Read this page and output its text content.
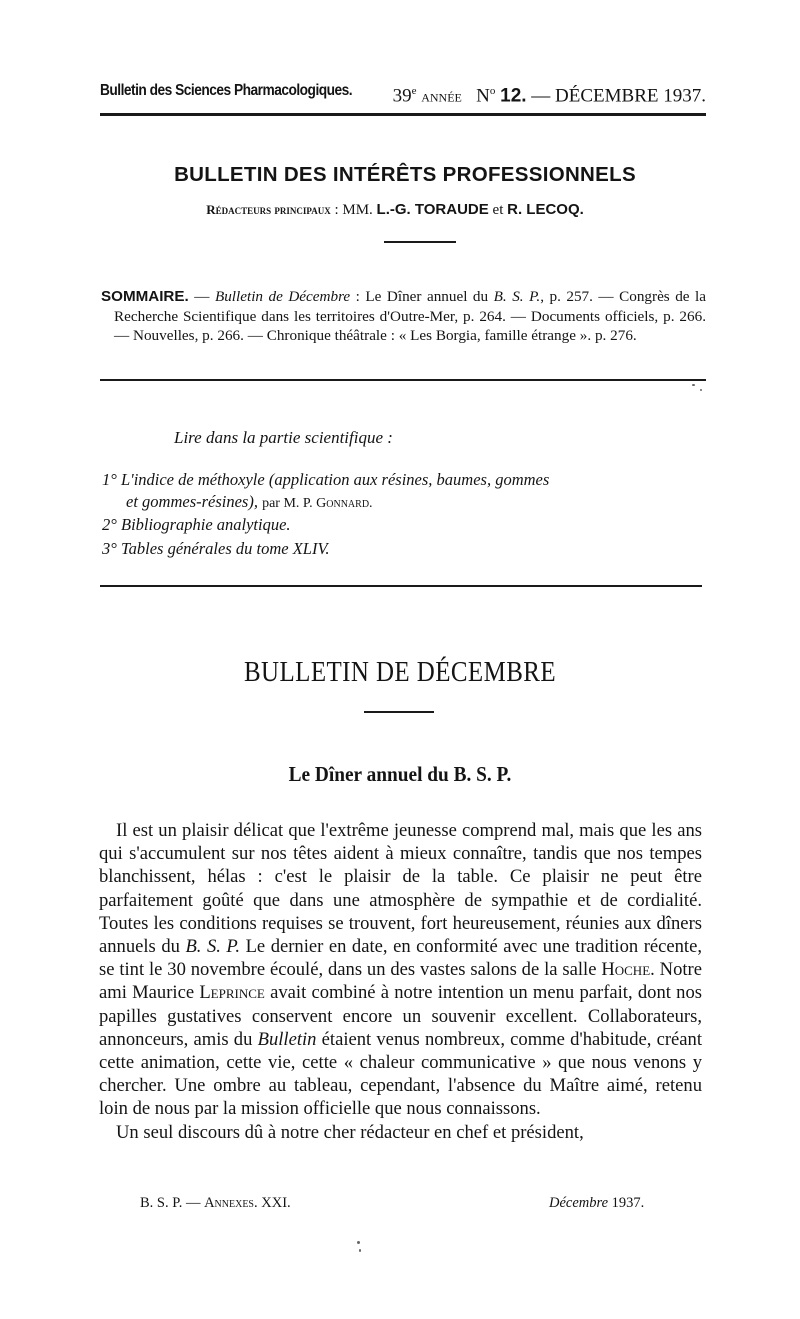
Bulletin des Sciences Pharmacologiques. 39e année $N^o$ 12. — DÉCEMBRE 1937.
BULLETIN DES INTÉRÊTS PROFESSIONNELS
Rédacteurs principaux : MM. L.-G. TORAUDE et R. LECOQ.
SOMMAIRE. — Bulletin de Décembre : Le Dîner annuel du B. S. P., p. 257. — Congrès de la Recherche Scientifique dans les territoires d'Outre-Mer, p. 264. — Documents officiels, p. 266. — Nouvelles, p. 266. — Chronique théâtrale : « Les Borgia, famille étrange ». p. 276.
Lire dans la partie scientifique :
1° L'indice de méthoxyle (application aux résines, baumes, gommes
et gommes-résines), par M. P. Gonnard.
2° Bibliographie analytique.
3° Tables générales du tome XLIV.
BULLETIN DE DÉCEMBRE
Le Dîner annuel du B. S. P.

Il est un plaisir délicat que l'extrême jeunesse comprend mal, mais que les ans qui s'accumulent sur nos têtes aident à mieux connaître, tandis que nos tempes blanchissent, hélas : c'est le plaisir de la table. Ce plaisir ne peut être parfaitement goûté que dans une atmosphère de sympathie et de cordialité. Toutes les conditions requises se trouvent, fort heureusement, réunies aux dîners annuels du B. S. P. Le dernier en date, en conformité avec une tradition récente, se tint le 30 novembre écoulé, dans un des vastes salons de la salle Hoche. Notre ami Maurice Leprince avait combiné à notre intention un menu parfait, dont nos papilles gustatives conservent encore un souvenir excellent. Collaborateurs, annonceurs, amis du Bulletin étaient venus nombreux, comme d'habitude, créant cette animation, cette vie, cette « chaleur communicative » que nous venons y chercher. Une ombre au tableau, cependant, l'absence du Maître aimé, retenu loin de nous par la mission officielle que nous connaissons.

Un seul discours dû à notre cher rédacteur en chef et président,

B. S. P. — Annexes. XXI.	Décembre 1937.
